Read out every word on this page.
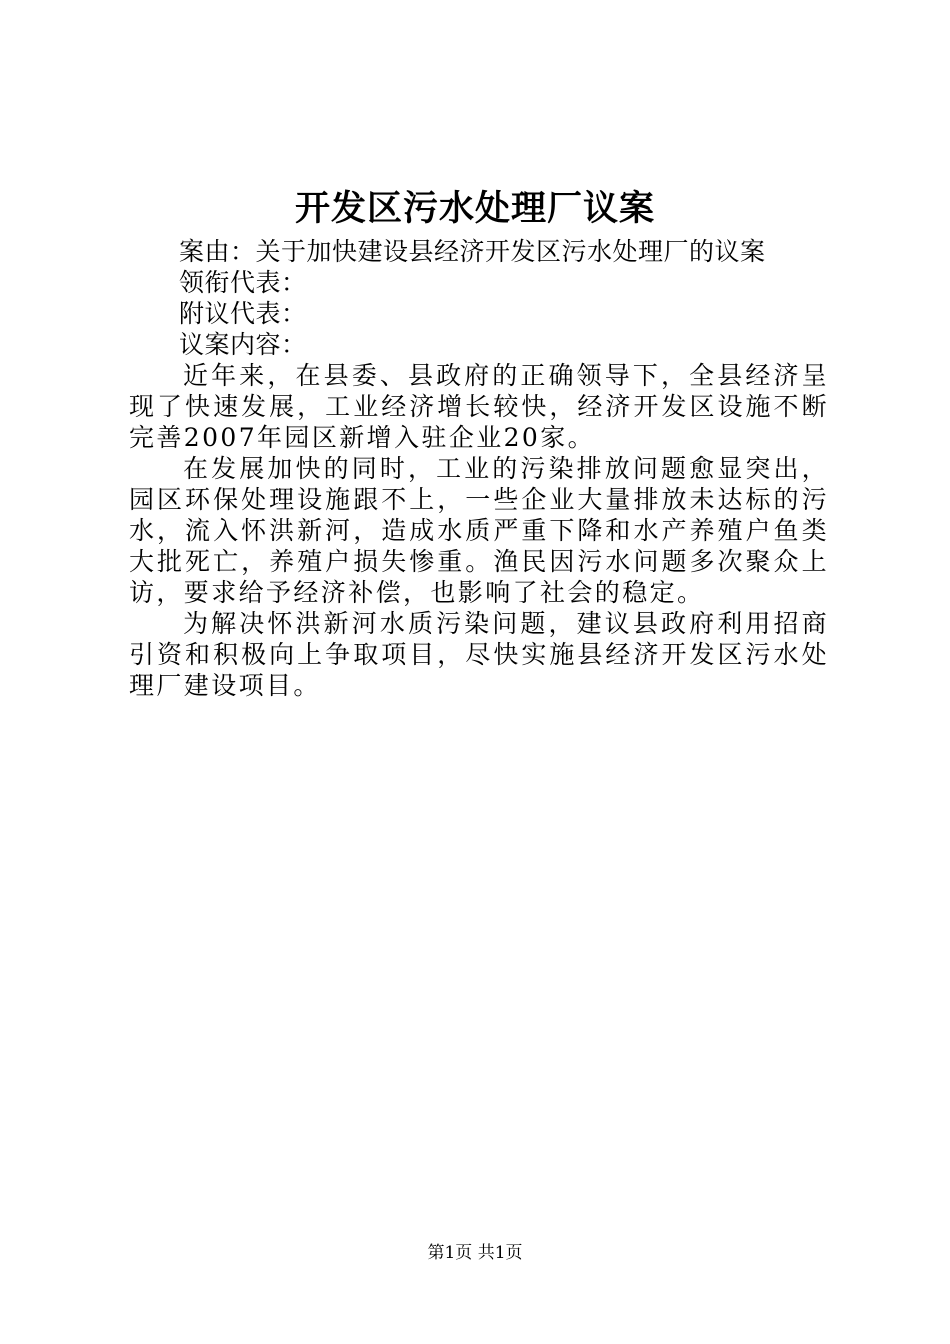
开发区污水处理厂议案

案由：关于加快建设县经济开发区污水处理厂的议案

领衔代表：

附议代表：

议案内容：

近年来，在县委、县政府的正确领导下，全县经济呈现了快速发展，工业经济增长较快，经济开发区设施不断完善2007年园区新增入驻企业20家。

在发展加快的同时，工业的污染排放问题愈显突出，园区环保处理设施跟不上，一些企业大量排放未达标的污水，流入怀洪新河，造成水质严重下降和水产养殖户鱼类大批死亡，养殖户损失惨重。渔民因污水问题多次聚众上访，要求给予经济补偿，也影响了社会的稳定。

为解决怀洪新河水质污染问题，建议县政府利用招商引资和积极向上争取项目，尽快实施县经济开发区污水处理厂建设项目。

第1页 共1页
